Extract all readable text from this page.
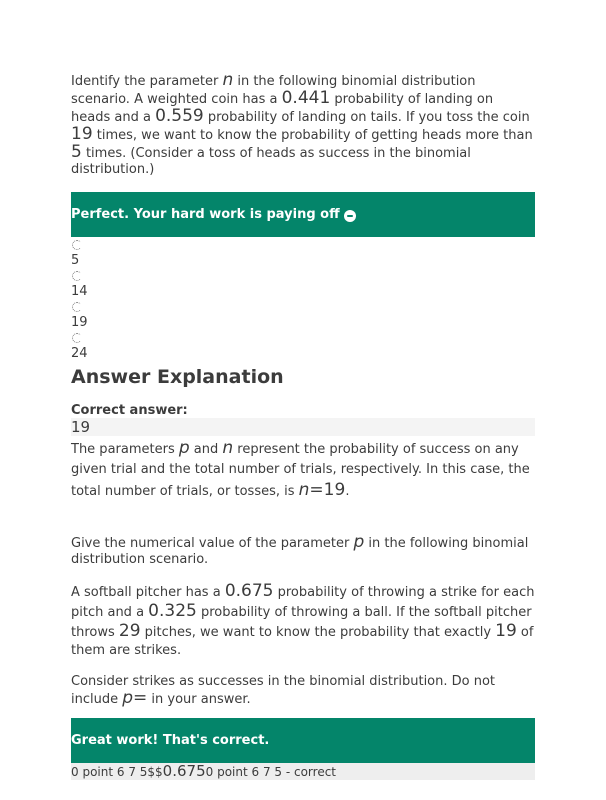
Identify the parameter n in the following binomial distribution scenario. A weighted coin has a 0.441 probability of landing on heads and a 0.559 probability of landing on tails. If you toss the coin 19 times, we want to know the probability of getting heads more than 5 times. (Consider a toss of heads as success in the binomial distribution.)

Perfect. Your hard work is paying off
5
14
19
24
Answer Explanation
Correct answer:
19

The parameters p and n represent the probability of success on any given trial and the total number of trials, respectively. In this case, the total number of trials, or tosses, is n=19.

Give the numerical value of the parameter p in the following binomial distribution scenario.

A softball pitcher has a 0.675 probability of throwing a strike for each pitch and a 0.325 probability of throwing a ball. If the softball pitcher throws 29 pitches, we want to know the probability that exactly 19 of them are strikes.

Consider strikes as successes in the binomial distribution. Do not include p= in your answer.

Great work! That's correct.
0 point 6 7 5$$0.6750 point 6 7 5 - correct
